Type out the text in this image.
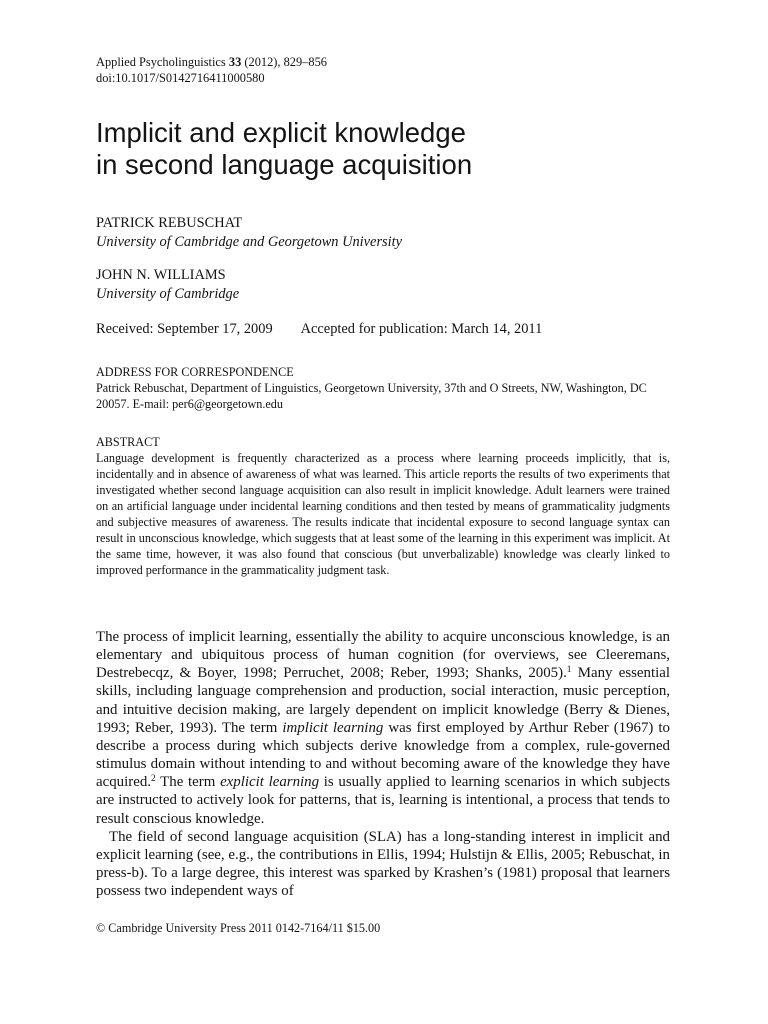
Applied Psycholinguistics 33 (2012), 829–856
doi:10.1017/S0142716411000580
Implicit and explicit knowledge
in second language acquisition
PATRICK REBUSCHAT
University of Cambridge and Georgetown University
JOHN N. WILLIAMS
University of Cambridge
Received: September 17, 2009 Accepted for publication: March 14, 2011
ADDRESS FOR CORRESPONDENCE
Patrick Rebuschat, Department of Linguistics, Georgetown University, 37th and O Streets, NW, Washington, DC 20057. E-mail: per6@georgetown.edu
ABSTRACT
Language development is frequently characterized as a process where learning proceeds implicitly, that is, incidentally and in absence of awareness of what was learned. This article reports the results of two experiments that investigated whether second language acquisition can also result in implicit knowledge. Adult learners were trained on an artificial language under incidental learning conditions and then tested by means of grammaticality judgments and subjective measures of awareness. The results indicate that incidental exposure to second language syntax can result in unconscious knowledge, which suggests that at least some of the learning in this experiment was implicit. At the same time, however, it was also found that conscious (but unverbalizable) knowledge was clearly linked to improved performance in the grammaticality judgment task.

The process of implicit learning, essentially the ability to acquire unconscious knowledge, is an elementary and ubiquitous process of human cognition (for overviews, see Cleeremans, Destrebecqz, & Boyer, 1998; Perruchet, 2008; Reber, 1993; Shanks, 2005).$^1$ Many essential skills, including language comprehension and production, social interaction, music perception, and intuitive decision making, are largely dependent on implicit knowledge (Berry & Dienes, 1993; Reber, 1993). The term implicit learning was first employed by Arthur Reber (1967) to describe a process during which subjects derive knowledge from a complex, rule-governed stimulus domain without intending to and without becoming aware of the knowledge they have acquired.$^2$ The term explicit learning is usually applied to learning scenarios in which subjects are instructed to actively look for patterns, that is, learning is intentional, a process that tends to result conscious knowledge.

The field of second language acquisition (SLA) has a long-standing interest in implicit and explicit learning (see, e.g., the contributions in Ellis, 1994; Hulstijn & Ellis, 2005; Rebuschat, in press-b). To a large degree, this interest was sparked by Krashen’s (1981) proposal that learners possess two independent ways of

© Cambridge University Press 2011 0142-7164/11 $15.00
